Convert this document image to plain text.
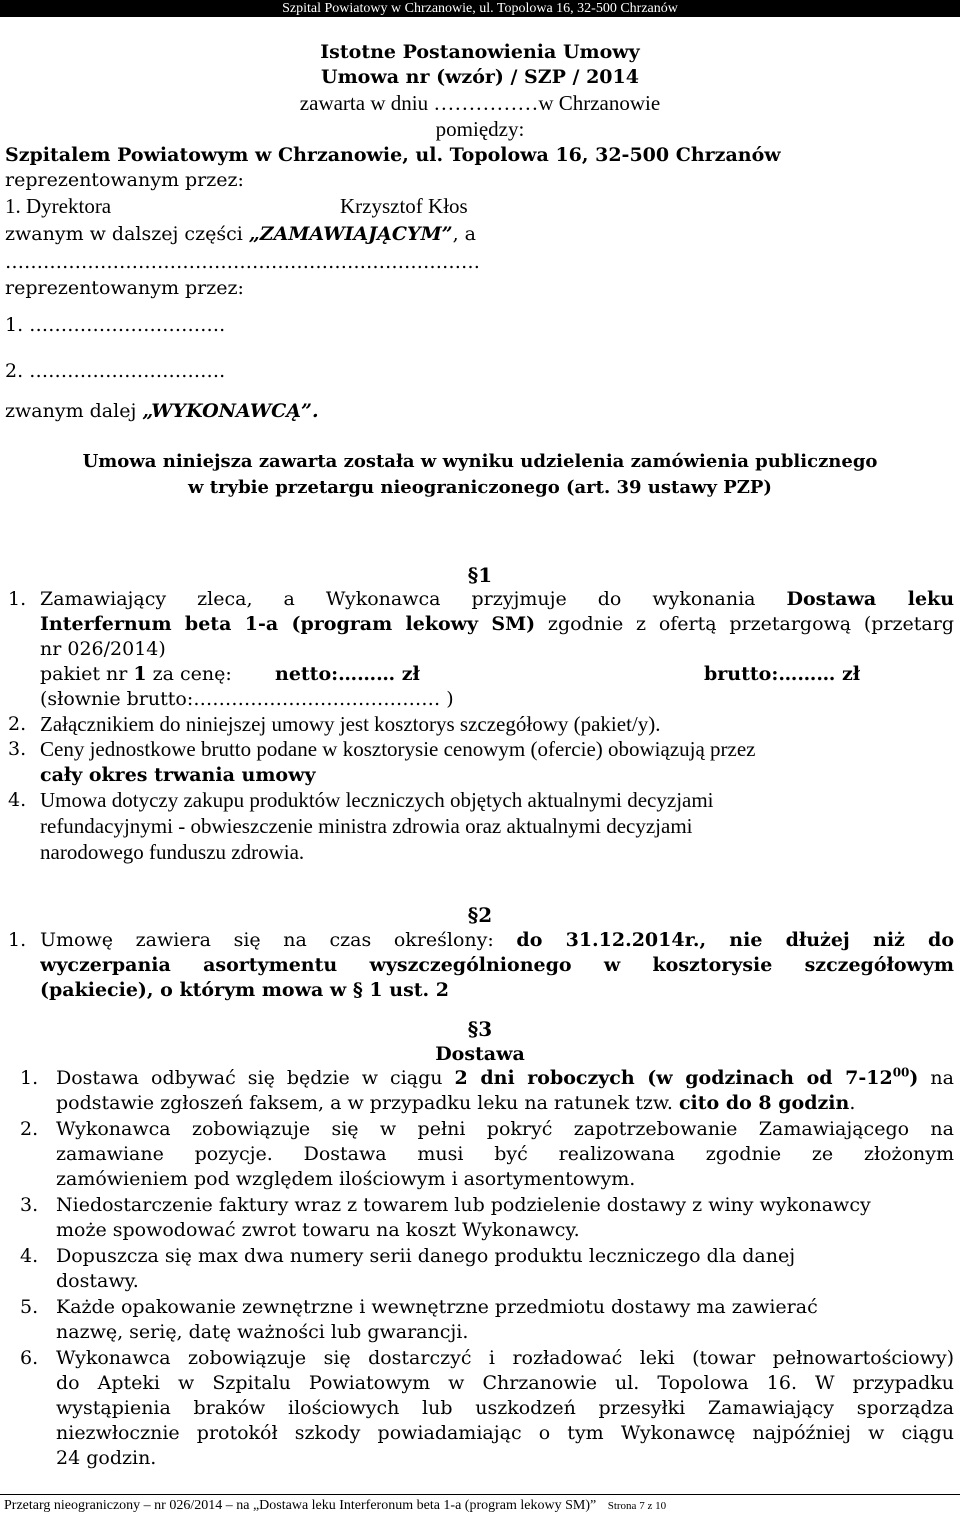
Szpital Powiatowy w Chrzanowie, ul. Topolowa 16, 32-500 Chrzanów
Istotne Postanowienia Umowy
Umowa nr (wzór) / SZP / 2014
zawarta w dniu ……………w Chrzanowie
pomiędzy:
Szpitalem Powiatowym w Chrzanowie, ul. Topolowa 16, 32-500 Chrzanów
reprezentowanym przez:
1. Dyrektora	Krzysztof Kłos
zwanym w dalszej części „ZAMAWIAJĄCYM”, a
…………………………………………………………………
reprezentowanym przez:
1. ………………………….
2. ………………………….
zwanym dalej „WYKONAWCĄ”.
Umowa niniejsza zawarta została w wyniku udzielenia zamówienia publicznego
w trybie przetargu nieograniczonego (art. 39 ustawy PZP)
§1
1. Zamawiający zleca, a Wykonawca przyjmuje do wykonania Dostawa leku
Interfernum beta 1-a (program lekowy SM) zgodnie z ofertą przetargową (przetarg
nr 026/2014)
pakiet nr 1 za cenę: netto:……… zł	brutto:……… zł
(słownie brutto:………………………………… )
2. Załącznikiem do niniejszej umowy jest kosztorys szczegółowy (pakiet/y).
3. Ceny jednostkowe brutto podane w kosztorysie cenowym (ofercie) obowiązują przez
cały okres trwania umowy
4. Umowa dotyczy zakupu produktów leczniczych objętych aktualnymi decyzjami
refundacyjnymi - obwieszczenie ministra zdrowia oraz aktualnymi decyzjami
narodowego funduszu zdrowia.
§2
1. Umowę zawiera się na czas określony: do 31.12.2014r., nie dłużej niż do
wyczerpania asortymentu wyszczególnionego w kosztorysie szczegółowym
(pakiecie), o którym mowa w § 1 ust. 2
§3
Dostawa
1. Dostawa odbywać się będzie w ciągu 2 dni roboczych (w godzinach od $7-12^{00}$) na
podstawie zgłoszeń faksem, a w przypadku leku na ratunek tzw. cito do 8 godzin.
2. Wykonawca zobowiązuje się w pełni pokryć zapotrzebowanie Zamawiającego na
zamawiane pozycje. Dostawa musi być realizowana zgodnie ze złożonym
zamówieniem pod względem ilościowym i asortymentowym.
3. Niedostarczenie faktury wraz z towarem lub podzielenie dostawy z winy wykonawcy
może spowodować zwrot towaru na koszt Wykonawcy.
4. Dopuszcza się max dwa numery serii danego produktu leczniczego dla danej
dostawy.
5. Każde opakowanie zewnętrzne i wewnętrzne przedmiotu dostawy ma zawierać
nazwę, serię, datę ważności lub gwarancji.
6. Wykonawca zobowiązuje się dostarczyć i rozładować leki (towar pełnowartościowy)
do Apteki w Szpitalu Powiatowym w Chrzanowie ul. Topolowa 16. W przypadku
wystąpienia braków ilościowych lub uszkodzeń przesyłki Zamawiający sporządza
niezwłocznie protokół szkody powiadamiając o tym Wykonawcę najpóźniej w ciągu
24 godzin.
Przetarg nieograniczony – nr 026/2014 – na „Dostawa leku Interferonum beta 1-a (program lekowy SM)” Strona 7 z 10
